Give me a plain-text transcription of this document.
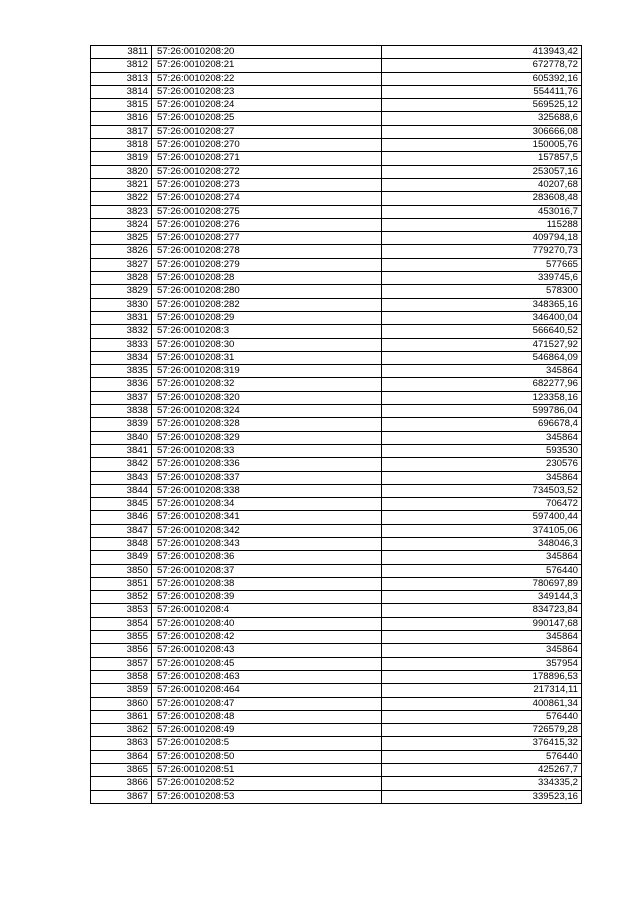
3811	57:26:0010208:20	413943,42
3812	57:26:0010208:21	672778,72
3813	57:26:0010208:22	605392,16
3814	57:26:0010208:23	554411,76
3815	57:26:0010208:24	569525,12
3816	57:26:0010208:25	325688,6
3817	57:26:0010208:27	306666,08
3818	57:26:0010208:270	150005,76
3819	57:26:0010208:271	157857,5
3820	57:26:0010208:272	253057,16
3821	57:26:0010208:273	40207,68
3822	57:26:0010208:274	283608,48
3823	57:26:0010208:275	453016,7
3824	57:26:0010208:276	115288
3825	57:26:0010208:277	409794,18
3826	57:26:0010208:278	779270,73
3827	57:26:0010208:279	577665
3828	57:26:0010208:28	339745,6
3829	57:26:0010208:280	578300
3830	57:26:0010208:282	348365,16
3831	57:26:0010208:29	346400,04
3832	57:26:0010208:3	566640,52
3833	57:26:0010208:30	471527,92
3834	57:26:0010208:31	546864,09
3835	57:26:0010208:319	345864
3836	57:26:0010208:32	682277,96
3837	57:26:0010208:320	123358,16
3838	57:26:0010208:324	599786,04
3839	57:26:0010208:328	696678,4
3840	57:26:0010208:329	345864
3841	57:26:0010208:33	593530
3842	57:26:0010208:336	230576
3843	57:26:0010208:337	345864
3844	57:26:0010208:338	734503,52
3845	57:26:0010208:34	706472
3846	57:26:0010208:341	597400,44
3847	57:26:0010208:342	374105,06
3848	57:26:0010208:343	348046,3
3849	57:26:0010208:36	345864
3850	57:26:0010208:37	576440
3851	57:26:0010208:38	780697,89
3852	57:26:0010208:39	349144,3
3853	57:26:0010208:4	834723,84
3854	57:26:0010208:40	990147,68
3855	57:26:0010208:42	345864
3856	57:26:0010208:43	345864
3857	57:26:0010208:45	357954
3858	57:26:0010208:463	178896,53
3859	57:26:0010208:464	217314,11
3860	57:26:0010208:47	400861,34
3861	57:26:0010208:48	576440
3862	57:26:0010208:49	726579,28
3863	57:26:0010208:5	376415,32
3864	57:26:0010208:50	576440
3865	57:26:0010208:51	425267,7
3866	57:26:0010208:52	334335,2
3867	57:26:0010208:53	339523,16
